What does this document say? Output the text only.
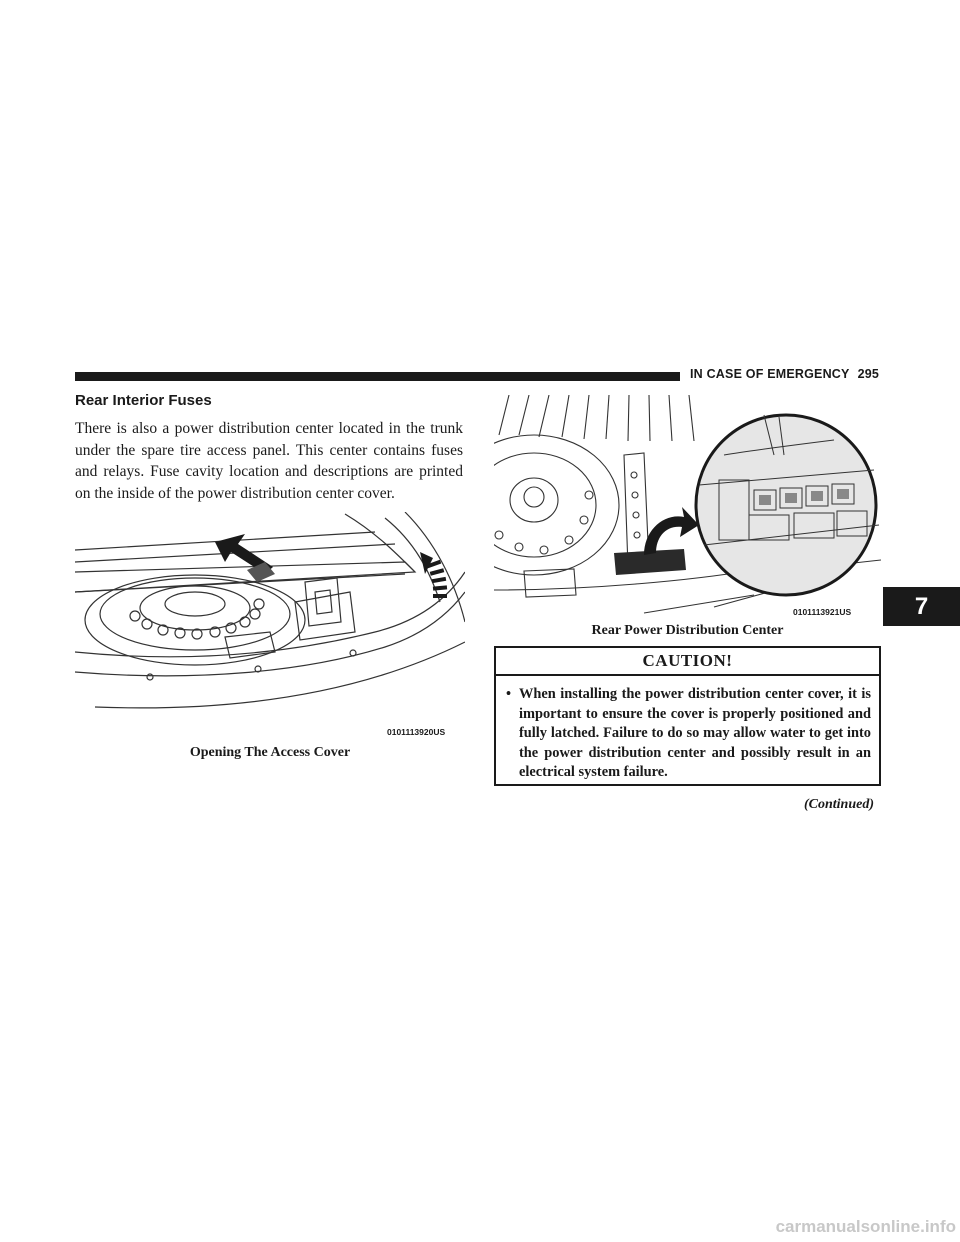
IN CASE OF EMERGENCY 295
Rear Interior Fuses
There is also a power distribution center located in the trunk under the spare tire access panel. This center contains fuses and relays. Fuse cavity location and descriptions are printed on the inside of the power distribution center cover.
0101113920US
Opening The Access Cover
0101113921US
Rear Power Distribution Center
7
CAUTION!
• When installing the power distribution center cover, it is important to ensure the cover is properly positioned and fully latched. Failure to do so may allow water to get into the power distribution center and possibly result in an electrical system failure.
(Continued)
carmanualsonline.info
